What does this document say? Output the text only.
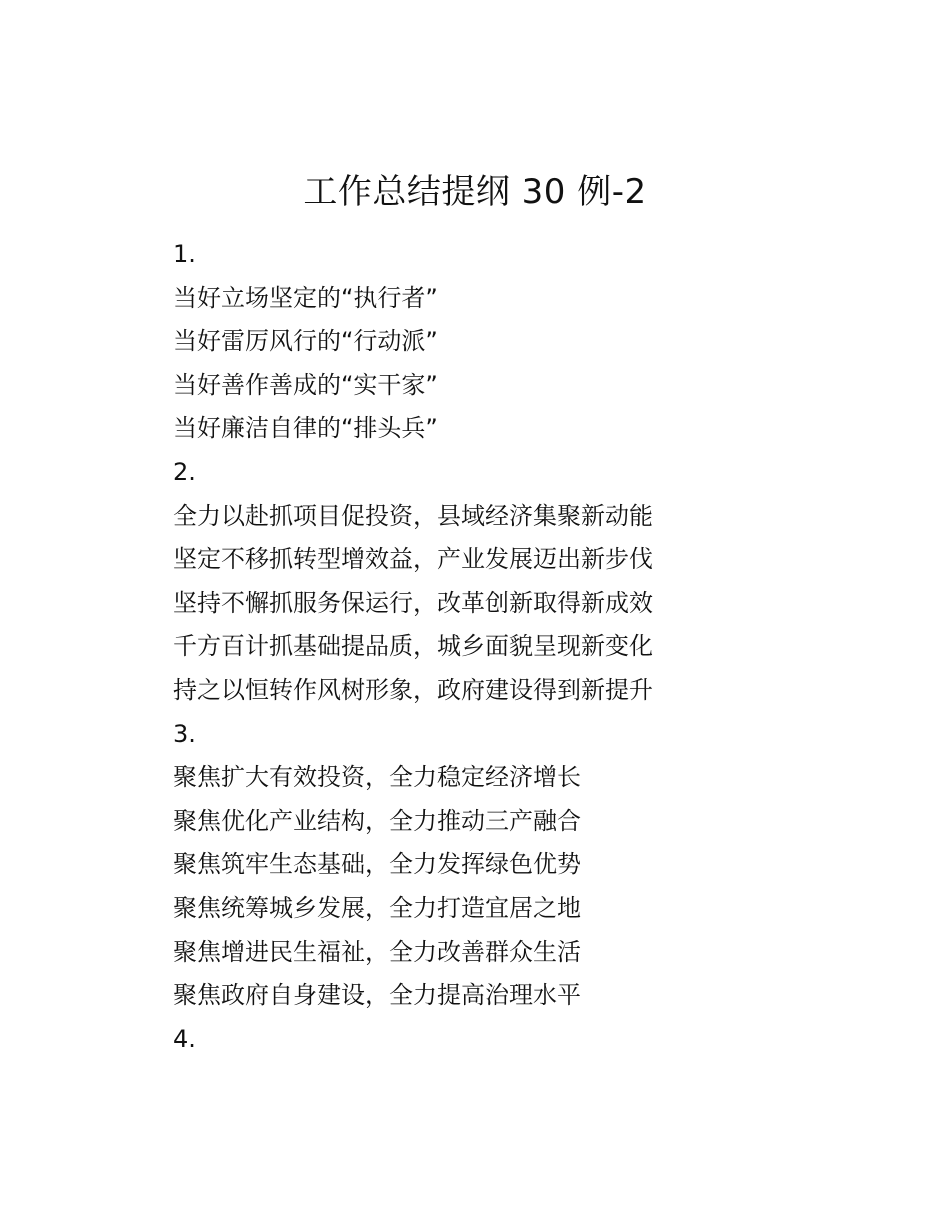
工作总结提纲 30 例-2
1.
当好立场坚定的“执行者”
当好雷厉风行的“行动派”
当好善作善成的“实干家”
当好廉洁自律的“排头兵”
2.
全力以赴抓项目促投资，县域经济集聚新动能
坚定不移抓转型增效益，产业发展迈出新步伐
坚持不懈抓服务保运行，改革创新取得新成效
千方百计抓基础提品质，城乡面貌呈现新变化
持之以恒转作风树形象，政府建设得到新提升
3.
聚焦扩大有效投资，全力稳定经济增长
聚焦优化产业结构，全力推动三产融合
聚焦筑牢生态基础，全力发挥绿色优势
聚焦统筹城乡发展，全力打造宜居之地
聚焦增进民生福祉，全力改善群众生活
聚焦政府自身建设，全力提高治理水平
4.
